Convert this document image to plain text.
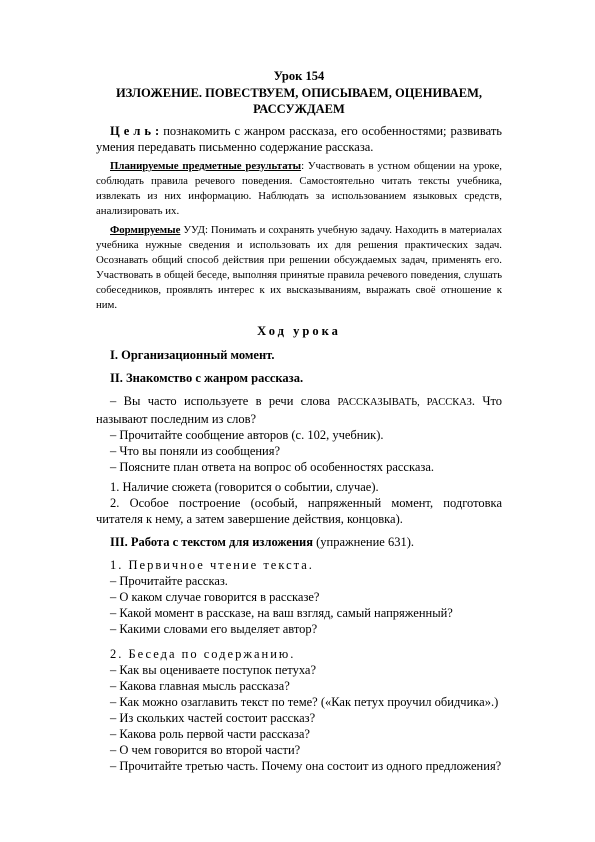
Урок 154
ИЗЛОЖЕНИЕ. ПОВЕСТВУЕМ, ОПИСЫВАЕМ, ОЦЕНИВАЕМ,
РАССУЖДАЕМ

Ц е л ь : познакомить с жанром рассказа, его особенностями; развивать умения передавать письменно содержание рассказа.

Планируемые предметные результаты: Участвовать в устном общении на уроке, соблюдать правила речевого поведения. Самостоятельно читать тексты учебника, извлекать из них информацию. Наблюдать за использованием языковых средств, анализировать их.

Формируемые УУД: Понимать и сохранять учебную задачу. Находить в материалах учебника нужные сведения и использовать их для решения практических задач. Осознавать общий способ действия при решении обсуждаемых задач, применять его. Участвовать в общей беседе, выполняя принятые правила речевого поведения, слушать собеседников, проявлять интерес к их высказываниям, выражать своё отношение к ним.

Ход урока

I. Организационный момент.

II. Знакомство с жанром рассказа.

– Вы часто используете в речи слова РАССКАЗЫВАТЬ, РАССКАЗ. Что называют последним из слов?

– Прочитайте сообщение авторов (с. 102, учебник).

– Что вы поняли из сообщения?

– Поясните план ответа на вопрос об особенностях рассказа.

1. Наличие сюжета (говорится о событии, случае).

2. Особое построение (особый, напряженный момент, подготовка читателя к нему, а затем завершение действия, концовка).

III. Работа с текстом для изложения (упражнение 631).

1. Первичное чтение текста.

– Прочитайте рассказ.

– О каком случае говорится в рассказе?

– Какой момент в рассказе, на ваш взгляд, самый напряженный?

– Какими словами его выделяет автор?

2. Беседа по содержанию.

– Как вы оцениваете поступок петуха?

– Какова главная мысль рассказа?

– Как можно озаглавить текст по теме? («Как петух проучил обидчика».)

– Из скольких частей состоит рассказ?

– Какова роль первой части рассказа?

– О чем говорится во второй части?

– Прочитайте третью часть. Почему она состоит из одного предложения?
